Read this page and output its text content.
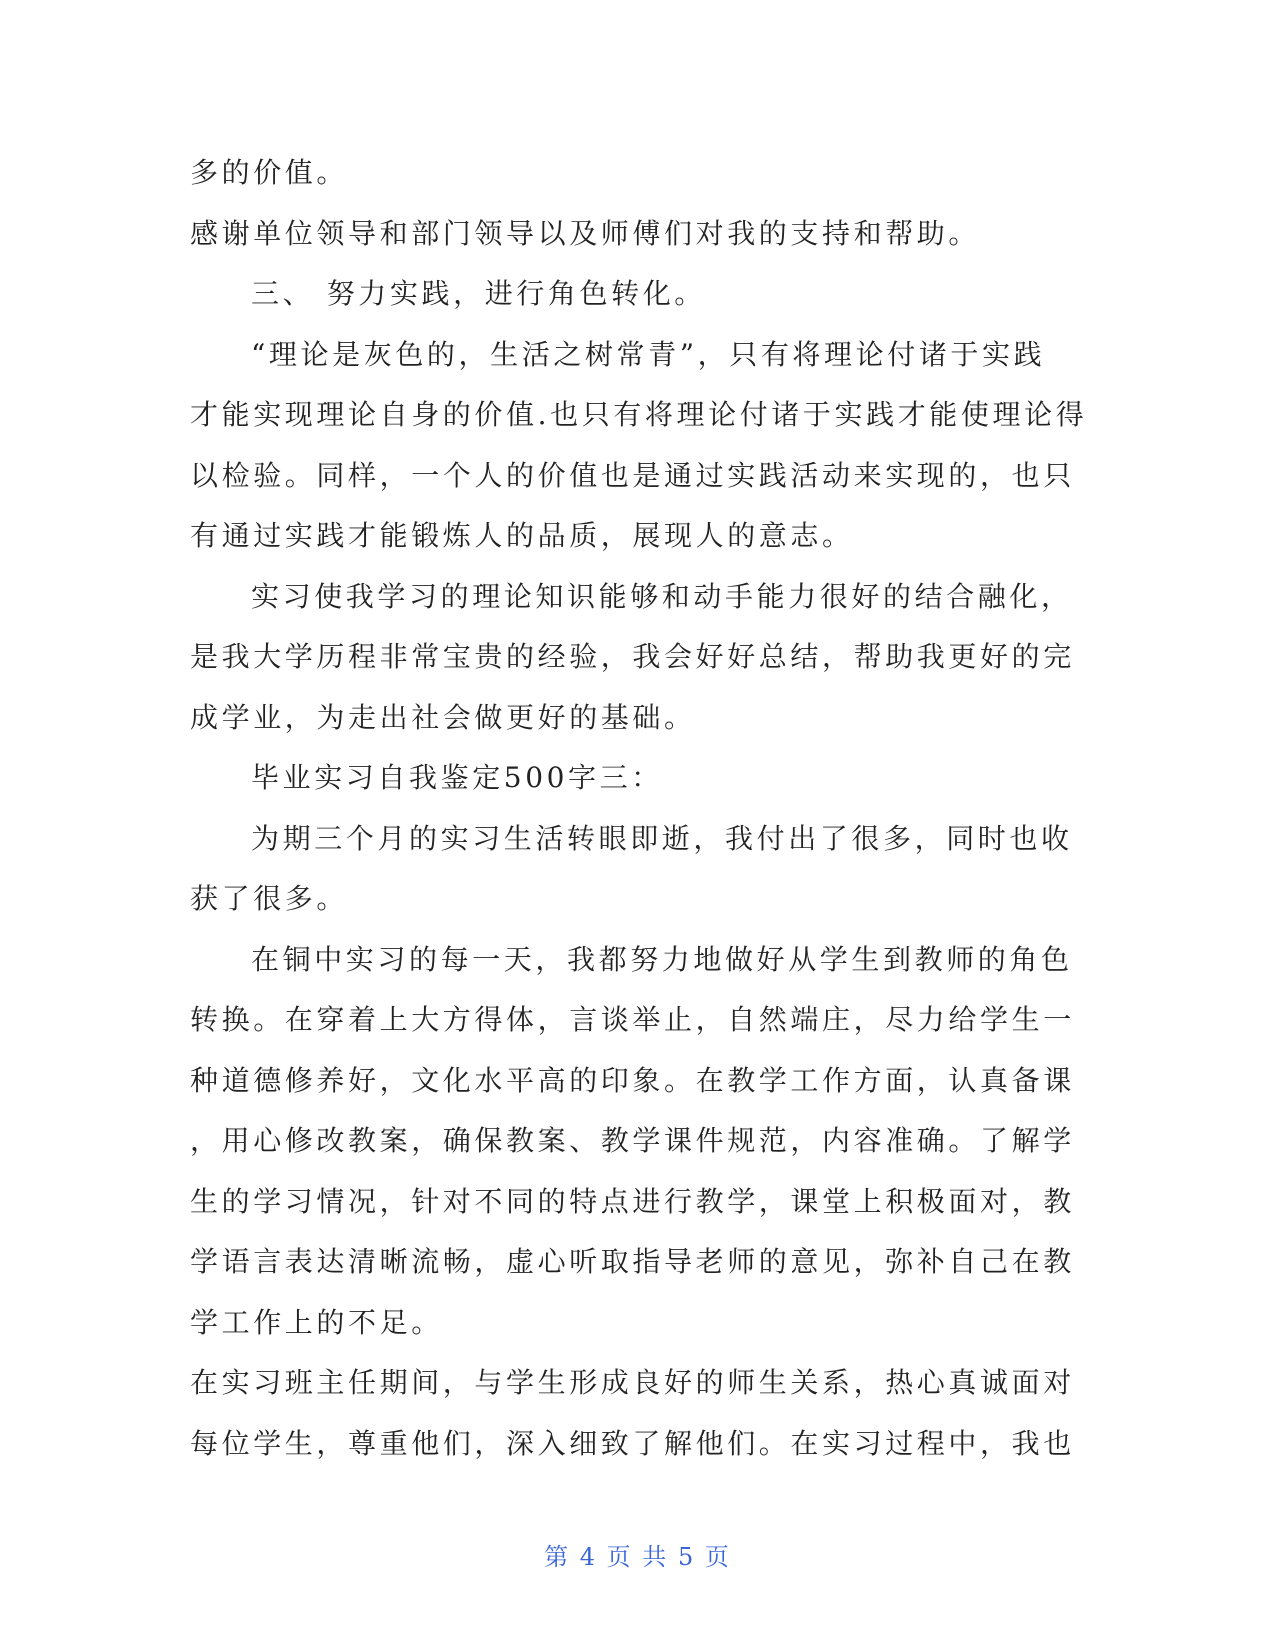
多的价值。
感谢单位领导和部门领导以及师傅们对我的支持和帮助。
三、 努力实践，进行角色转化。
“理论是灰色的，生活之树常青”，只有将理论付诸于实践
才能实现理论自身的价值.也只有将理论付诸于实践才能使理论得
以检验。同样，一个人的价值也是通过实践活动来实现的，也只
有通过实践才能锻炼人的品质，展现人的意志。
实习使我学习的理论知识能够和动手能力很好的结合融化，
是我大学历程非常宝贵的经验，我会好好总结，帮助我更好的完
成学业，为走出社会做更好的基础。
毕业实习自我鉴定500字三：
为期三个月的实习生活转眼即逝，我付出了很多，同时也收
获了很多。
在铜中实习的每一天，我都努力地做好从学生到教师的角色
转换。在穿着上大方得体，言谈举止，自然端庄，尽力给学生一
种道德修养好，文化水平高的印象。在教学工作方面，认真备课
，用心修改教案，确保教案、教学课件规范，内容准确。了解学
生的学习情况，针对不同的特点进行教学，课堂上积极面对，教
学语言表达清晰流畅，虚心听取指导老师的意见，弥补自己在教
学工作上的不足。
在实习班主任期间，与学生形成良好的师生关系，热心真诚面对
每位学生，尊重他们，深入细致了解他们。在实习过程中，我也
第 4 页 共 5 页
